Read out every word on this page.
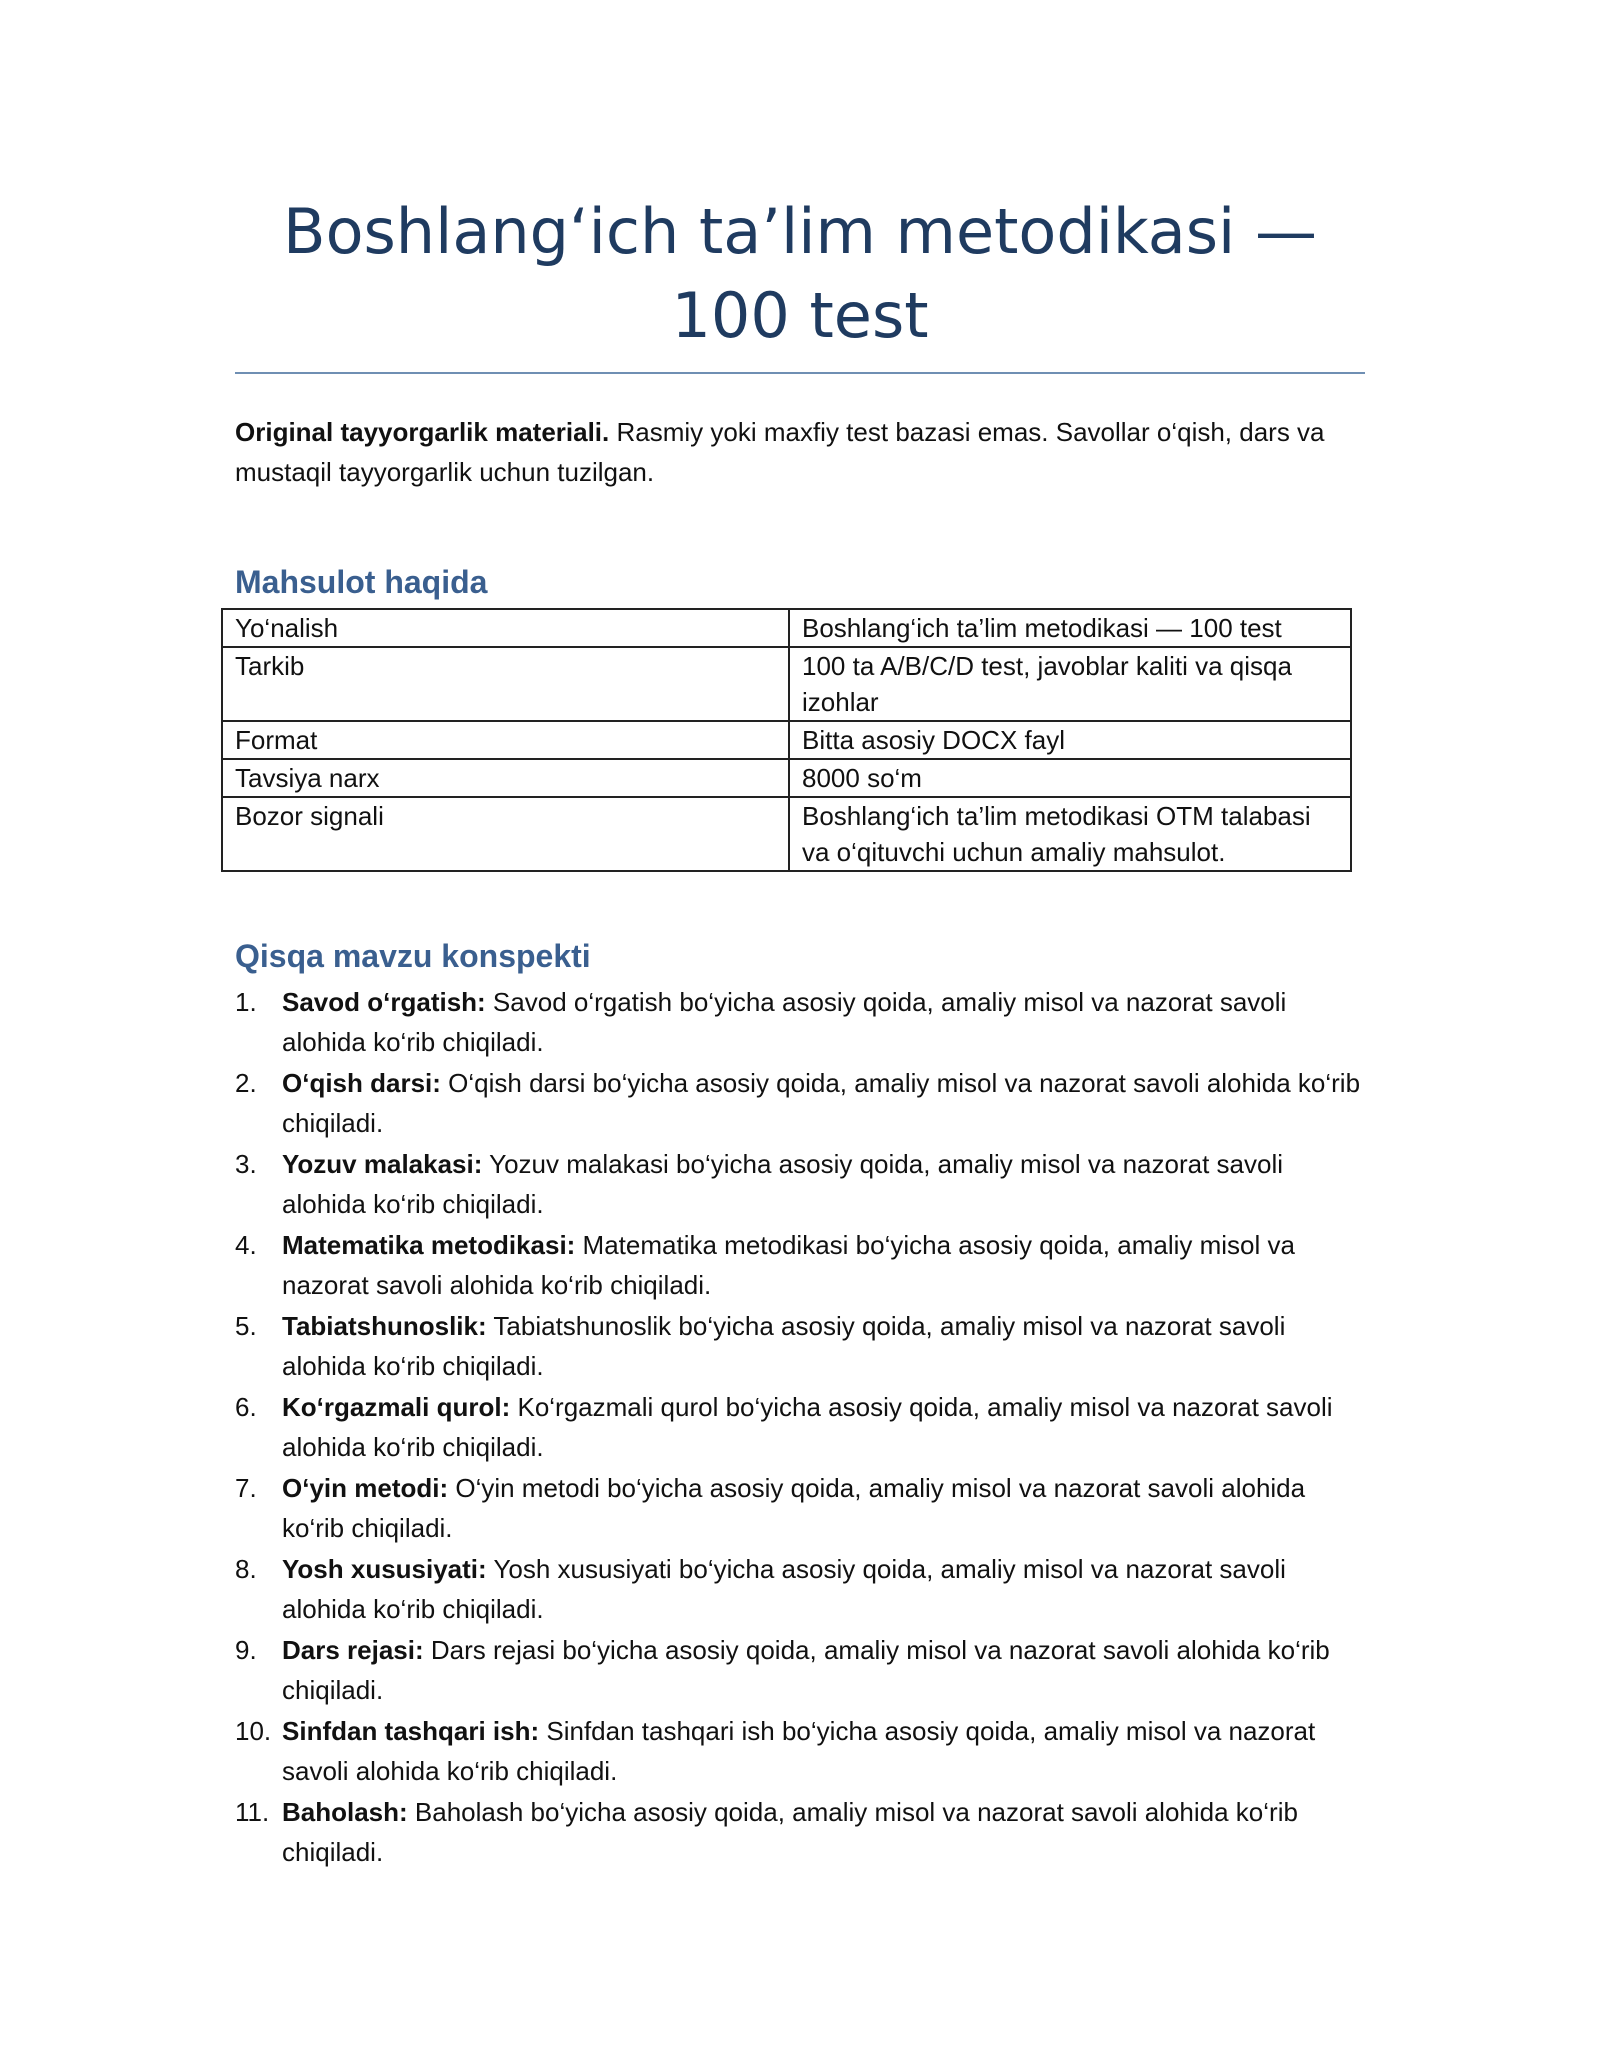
Boshlang‘ich ta’lim metodikasi — 100 test

Original tayyorgarlik materiali. Rasmiy yoki maxfiy test bazasi emas. Savollar o‘qish, dars va mustaqil tayyorgarlik uchun tuzilgan.

Mahsulot haqida
Yo‘nalish	Boshlang‘ich ta’lim metodikasi — 100 test
Tarkib	100 ta A/B/C/D test, javoblar kaliti va qisqa izohlar
Format	Bitta asosiy DOCX fayl
Tavsiya narx	8000 so‘m
Bozor signali	Boshlang‘ich ta’lim metodikasi OTM talabasi va o‘qituvchi uchun amaliy mahsulot.
Qisqa mavzu konspekti
1. Savod o‘rgatish: Savod o‘rgatish bo‘yicha asosiy qoida, amaliy misol va nazorat savoli alohida ko‘rib chiqiladi.
2. O‘qish darsi: O‘qish darsi bo‘yicha asosiy qoida, amaliy misol va nazorat savoli alohida ko‘rib chiqiladi.
3. Yozuv malakasi: Yozuv malakasi bo‘yicha asosiy qoida, amaliy misol va nazorat savoli alohida ko‘rib chiqiladi.
4. Matematika metodikasi: Matematika metodikasi bo‘yicha asosiy qoida, amaliy misol va nazorat savoli alohida ko‘rib chiqiladi.
5. Tabiatshunoslik: Tabiatshunoslik bo‘yicha asosiy qoida, amaliy misol va nazorat savoli alohida ko‘rib chiqiladi.
6. Ko‘rgazmali qurol: Ko‘rgazmali qurol bo‘yicha asosiy qoida, amaliy misol va nazorat savoli alohida ko‘rib chiqiladi.
7. O‘yin metodi: O‘yin metodi bo‘yicha asosiy qoida, amaliy misol va nazorat savoli alohida ko‘rib chiqiladi.
8. Yosh xususiyati: Yosh xususiyati bo‘yicha asosiy qoida, amaliy misol va nazorat savoli alohida ko‘rib chiqiladi.
9. Dars rejasi: Dars rejasi bo‘yicha asosiy qoida, amaliy misol va nazorat savoli alohida ko‘rib chiqiladi.
10. Sinfdan tashqari ish: Sinfdan tashqari ish bo‘yicha asosiy qoida, amaliy misol va nazorat savoli alohida ko‘rib chiqiladi.
11. Baholash: Baholash bo‘yicha asosiy qoida, amaliy misol va nazorat savoli alohida ko‘rib chiqiladi.
